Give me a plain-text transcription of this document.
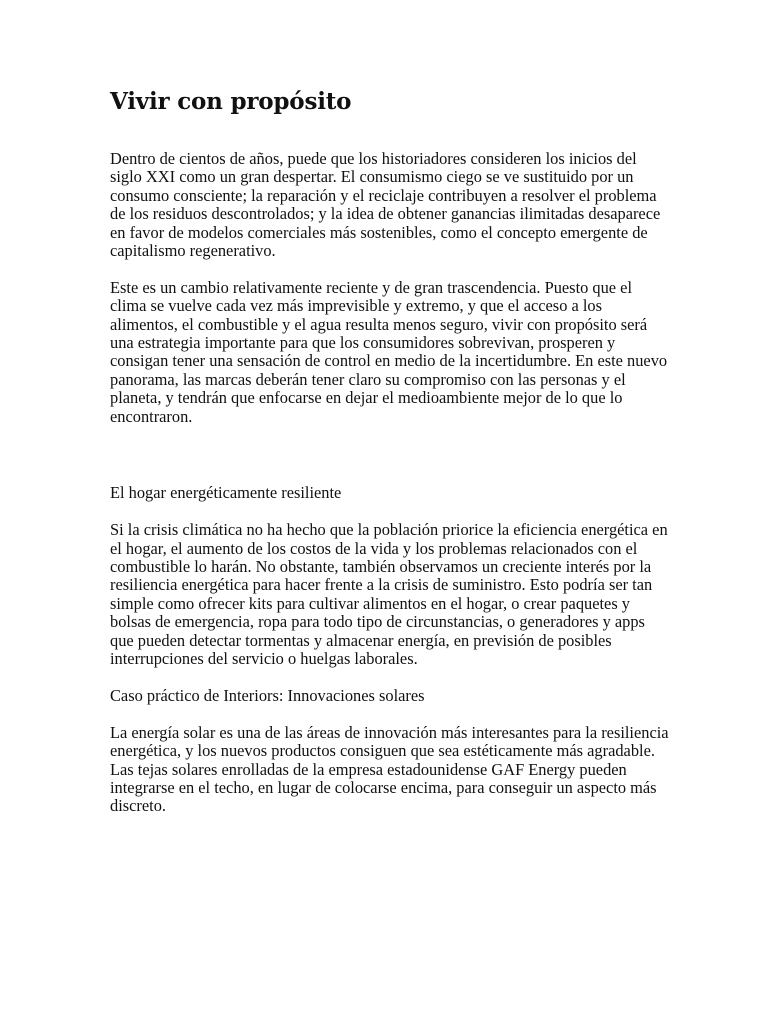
Vivir con propósito

Dentro de cientos de años, puede que los historiadores consideren los inicios del siglo XXI como un gran despertar. El consumismo ciego se ve sustituido por un consumo consciente; la reparación y el reciclaje contribuyen a resolver el problema de los residuos descontrolados; y la idea de obtener ganancias ilimitadas desaparece en favor de modelos comerciales más sostenibles, como el concepto emergente de capitalismo regenerativo.

Este es un cambio relativamente reciente y de gran trascendencia. Puesto que el clima se vuelve cada vez más imprevisible y extremo, y que el acceso a los alimentos, el combustible y el agua resulta menos seguro, vivir con propósito será una estrategia importante para que los consumidores sobrevivan, prosperen y consigan tener una sensación de control en medio de la incertidumbre. En este nuevo panorama, las marcas deberán tener claro su compromiso con las personas y el planeta, y tendrán que enfocarse en dejar el medioambiente mejor de lo que lo encontraron.

El hogar energéticamente resiliente

Si la crisis climática no ha hecho que la población priorice la eficiencia energética en el hogar, el aumento de los costos de la vida y los problemas relacionados con el combustible lo harán. No obstante, también observamos un creciente interés por la resiliencia energética para hacer frente a la crisis de suministro. Esto podría ser tan simple como ofrecer kits para cultivar alimentos en el hogar, o crear paquetes y bolsas de emergencia, ropa para todo tipo de circunstancias, o generadores y apps que pueden detectar tormentas y almacenar energía, en previsión de posibles interrupciones del servicio o huelgas laborales.

Caso práctico de Interiors: Innovaciones solares

La energía solar es una de las áreas de innovación más interesantes para la resiliencia energética, y los nuevos productos consiguen que sea estéticamente más agradable. Las tejas solares enrolladas de la empresa estadounidense GAF Energy pueden integrarse en el techo, en lugar de colocarse encima, para conseguir un aspecto más discreto.
